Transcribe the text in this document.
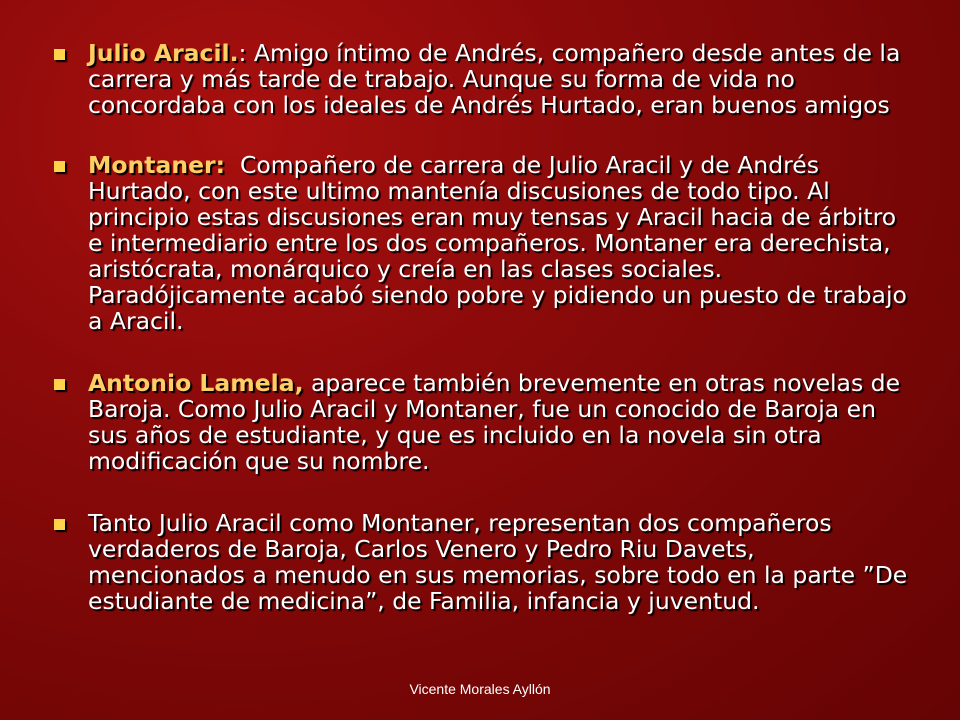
Julio Aracil.: Amigo íntimo de Andrés, compañero desde antes de la carrera y más tarde de trabajo. Aunque su forma de vida no concordaba con los ideales de Andrés Hurtado, eran buenos amigos
Montaner:  Compañero de carrera de Julio Aracil y de Andrés Hurtado, con este ultimo mantenía discusiones de todo tipo. Al principio estas discusiones eran muy tensas y Aracil hacia de árbitro e intermediario entre los dos compañeros. Montaner era derechista, aristócrata, monárquico y creía en las clases sociales. Paradójicamente acabó siendo pobre y pidiendo un puesto de trabajo a Aracil.
Antonio Lamela, aparece también brevemente en otras novelas de Baroja. Como Julio Aracil y Montaner, fue un conocido de Baroja en sus años de estudiante, y que es incluido en la novela sin otra modificación que su nombre.
Tanto Julio Aracil como Montaner, representan dos compañeros verdaderos de Baroja, Carlos Venero y Pedro Riu Davets, mencionados a menudo en sus memorias, sobre todo en la parte ”De estudiante de medicina”, de Familia, infancia y juventud.
Vicente Morales Ayllón
